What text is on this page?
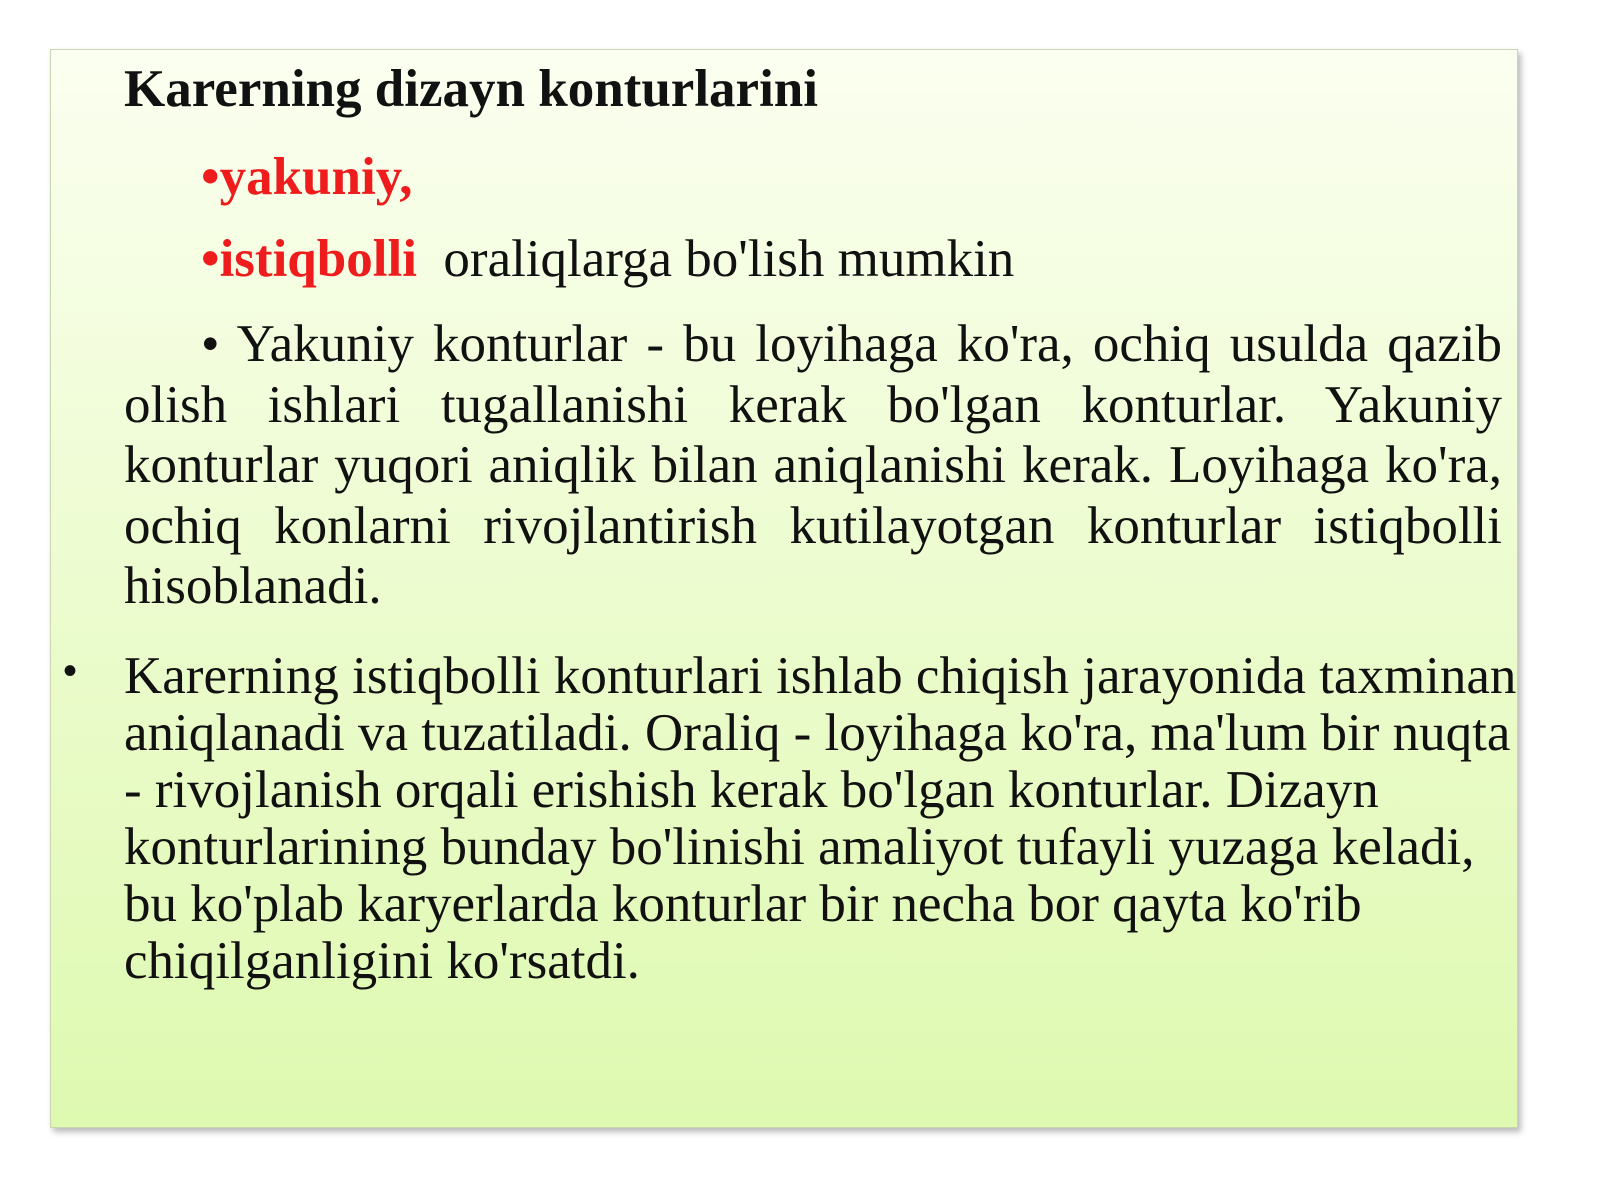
Karerning dizayn konturlarini
•yakuniy,
•istiqbolli  oraliqlarga bo'lish mumkin

• Yakuniy konturlar - bu loyihaga ko'ra, ochiq usulda qazib olish ishlari tugallanishi kerak bo'lgan konturlar. Yakuniy konturlar yuqori aniqlik bilan aniqlanishi kerak. Loyihaga ko'ra, ochiq konlarni rivojlantirish kutilayotgan konturlar istiqbolli hisoblanadi.

• Karerning istiqbolli konturlari ishlab chiqish jarayonida taxminan aniqlanadi va tuzatiladi. Oraliq - loyihaga ko'ra, ma'lum bir nuqta - rivojlanish orqali erishish kerak bo'lgan konturlar. Dizayn konturlarining bunday bo'linishi amaliyot tufayli yuzaga keladi, bu ko'plab karyerlarda konturlar bir necha bor qayta ko'rib chiqilganligini ko'rsatdi.
